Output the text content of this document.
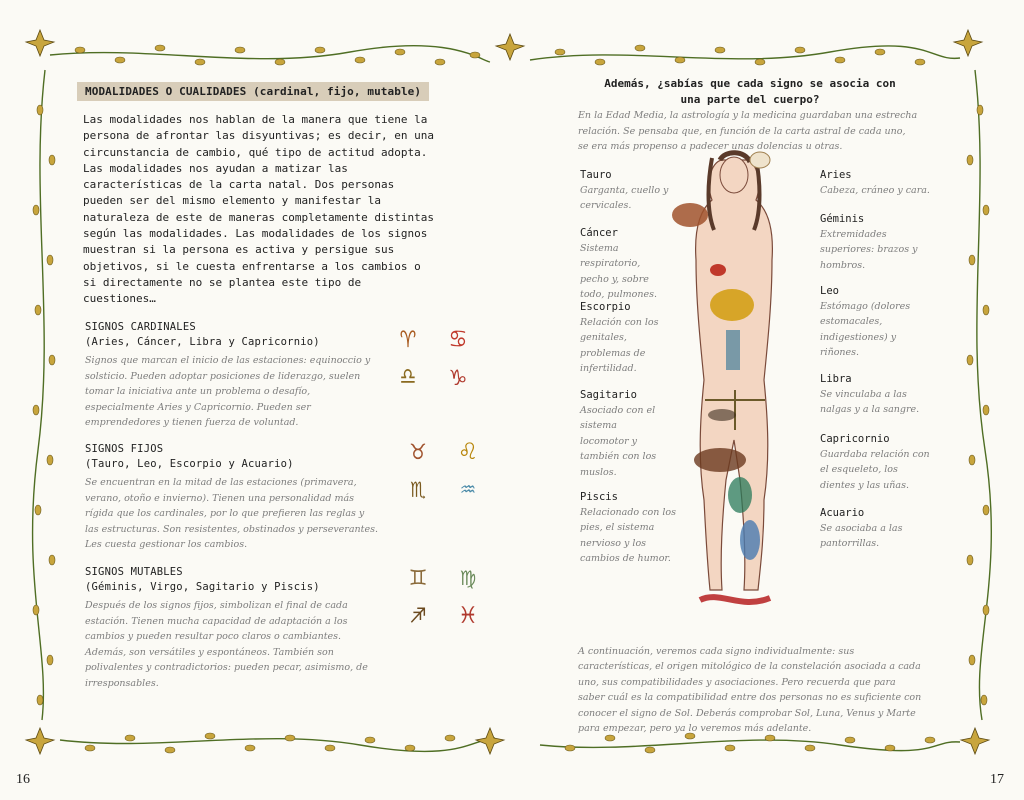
MODALIDADES O CUALIDADES (cardinal, fijo, mutable)
Las modalidades nos hablan de la manera que tiene la persona de afrontar las disyuntivas; es decir, en una circunstancia de cambio, qué tipo de actitud adopta. Las modalidades nos ayudan a matizar las características de la carta natal. Dos personas pueden ser del mismo elemento y manifestar la naturaleza de este de maneras completamente distintas según las modalidades. Las modalidades de los signos muestran si la persona es activa y persigue sus objetivos, si le cuesta enfrentarse a los cambios o si directamente no se plantea este tipo de cuestiones…
SIGNOS CARDINALES
(Aries, Cáncer, Libra y Capricornio)
Signos que marcan el inicio de las estaciones: equinoccio y solsticio. Pueden adoptar posiciones de liderazgo, suelen tomar la iniciativa ante un problema o desafío, especialmente Aries y Capricornio. Pueden ser emprendedores y tienen fuerza de voluntad.
♈	♋
♎	♑
SIGNOS FIJOS
(Tauro, Leo, Escorpio y Acuario)
Se encuentran en la mitad de las estaciones (primavera, verano, otoño e invierno). Tienen una personalidad más rígida que los cardinales, por lo que prefieren las reglas y las estructuras. Son resistentes, obstinados y perseverantes. Les cuesta gestionar los cambios.
♉	♌
♏	♒
SIGNOS MUTABLES
(Géminis, Virgo, Sagitario y Piscis)
Después de los signos fijos, simbolizan el final de cada estación. Tienen mucha capacidad de adaptación a los cambios y pueden resultar poco claros o cambiantes. Además, son versátiles y espontáneos. También son polivalentes y contradictorios: pueden pecar, asimismo, de irresponsables.
♊	♍
♐	♓
16
Además, ¿sabías que cada signo se asocia con una parte del cuerpo?
En la Edad Media, la astrología y la medicina guardaban una estrecha relación. Se pensaba que, en función de la carta astral de cada uno, se era más propenso a padecer unas dolencias u otras.
Tauro
Garganta, cuello y cervicales.
Cáncer
Sistema respiratorio, pecho y, sobre todo, pulmones.
Escorpio
Relación con los genitales, problemas de infertilidad.
Sagitario
Asociado con el sistema locomotor y también con los muslos.
Piscis
Relacionado con los pies, el sistema nervioso y los cambios de humor.
Aries
Cabeza, cráneo y cara.
Géminis
Extremidades superiores: brazos y hombros.
Leo
Estómago (dolores estomacales, indigestiones) y riñones.
Libra
Se vinculaba a las nalgas y a la sangre.
Capricornio
Guardaba relación con el esqueleto, los dientes y las uñas.
Acuario
Se asociaba a las pantorrillas.
A continuación, veremos cada signo individualmente: sus características, el origen mitológico de la constelación asociada a cada uno, sus compatibilidades y asociaciones. Pero recuerda que para saber cuál es la compatibilidad entre dos personas no es suficiente con conocer el signo de Sol. Deberás comprobar Sol, Luna, Venus y Marte para empezar, pero ya lo veremos más adelante.
17
